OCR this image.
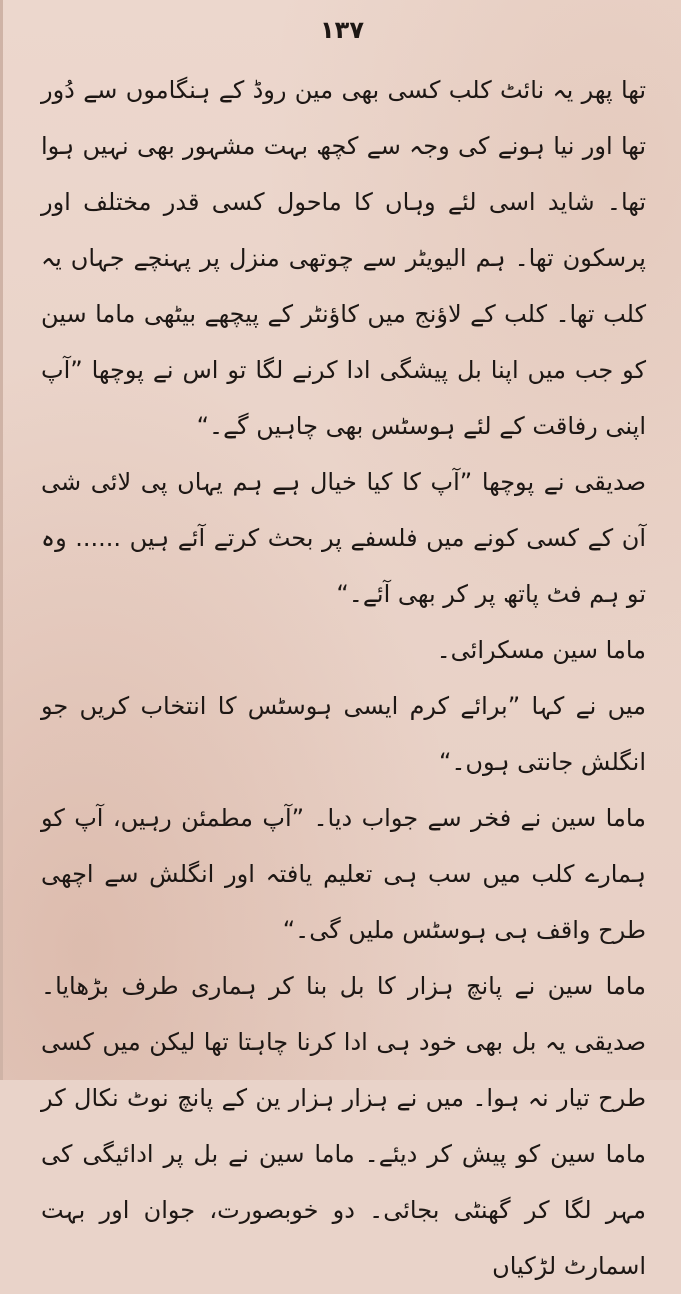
۱۳۷

تھا پھر یہ نائٹ کلب کسی بھی مین روڈ کے ہنگاموں سے دُور تھا اور نیا ہونے کی وجہ سے کچھ بہت مشہور بھی نہیں ہوا تھا۔ شاید اسی لئے وہاں کا ماحول کسی قدر مختلف اور پرسکون تھا۔ ہم الیویٹر سے چوتھی منزل پر پہنچے جہاں یہ کلب تھا۔ کلب کے لاؤنج میں کاؤنٹر کے پیچھے بیٹھی ماما سین کو جب میں اپنا بل پیشگی ادا کرنے لگا تو اس نے پوچھا ”آپ اپنی رفاقت کے لئے ہوسٹس بھی چاہیں گے۔“

صدیقی نے پوچھا ”آپ کا کیا خیال ہے ہم یہاں پی لائی شی آن کے کسی کونے میں فلسفے پر بحث کرتے آئے ہیں ...... وہ تو ہم فٹ پاتھ پر کر بھی آئے۔“

ماما سین مسکرائی۔

میں نے کہا ”برائے کرم ایسی ہوسٹس کا انتخاب کریں جو انگلش جانتی ہوں۔“

ماما سین نے فخر سے جواب دیا۔ ”آپ مطمئن رہیں، آپ کو ہمارے کلب میں سب ہی تعلیم یافتہ اور انگلش سے اچھی طرح واقف ہی ہوسٹس ملیں گی۔“

ماما سین نے پانچ ہزار کا بل بنا کر ہماری طرف بڑھایا۔ صدیقی یہ بل بھی خود ہی ادا کرنا چاہتا تھا لیکن میں کسی طرح تیار نہ ہوا۔ میں نے ہزار ہزار ین کے پانچ نوٹ نکال کر ماما سین کو پیش کر دیئے۔ ماما سین نے بل پر ادائیگی کی مہر لگا کر گھنٹی بجائی۔ دو خوبصورت، جوان اور بہت اسمارٹ لڑکیاں
